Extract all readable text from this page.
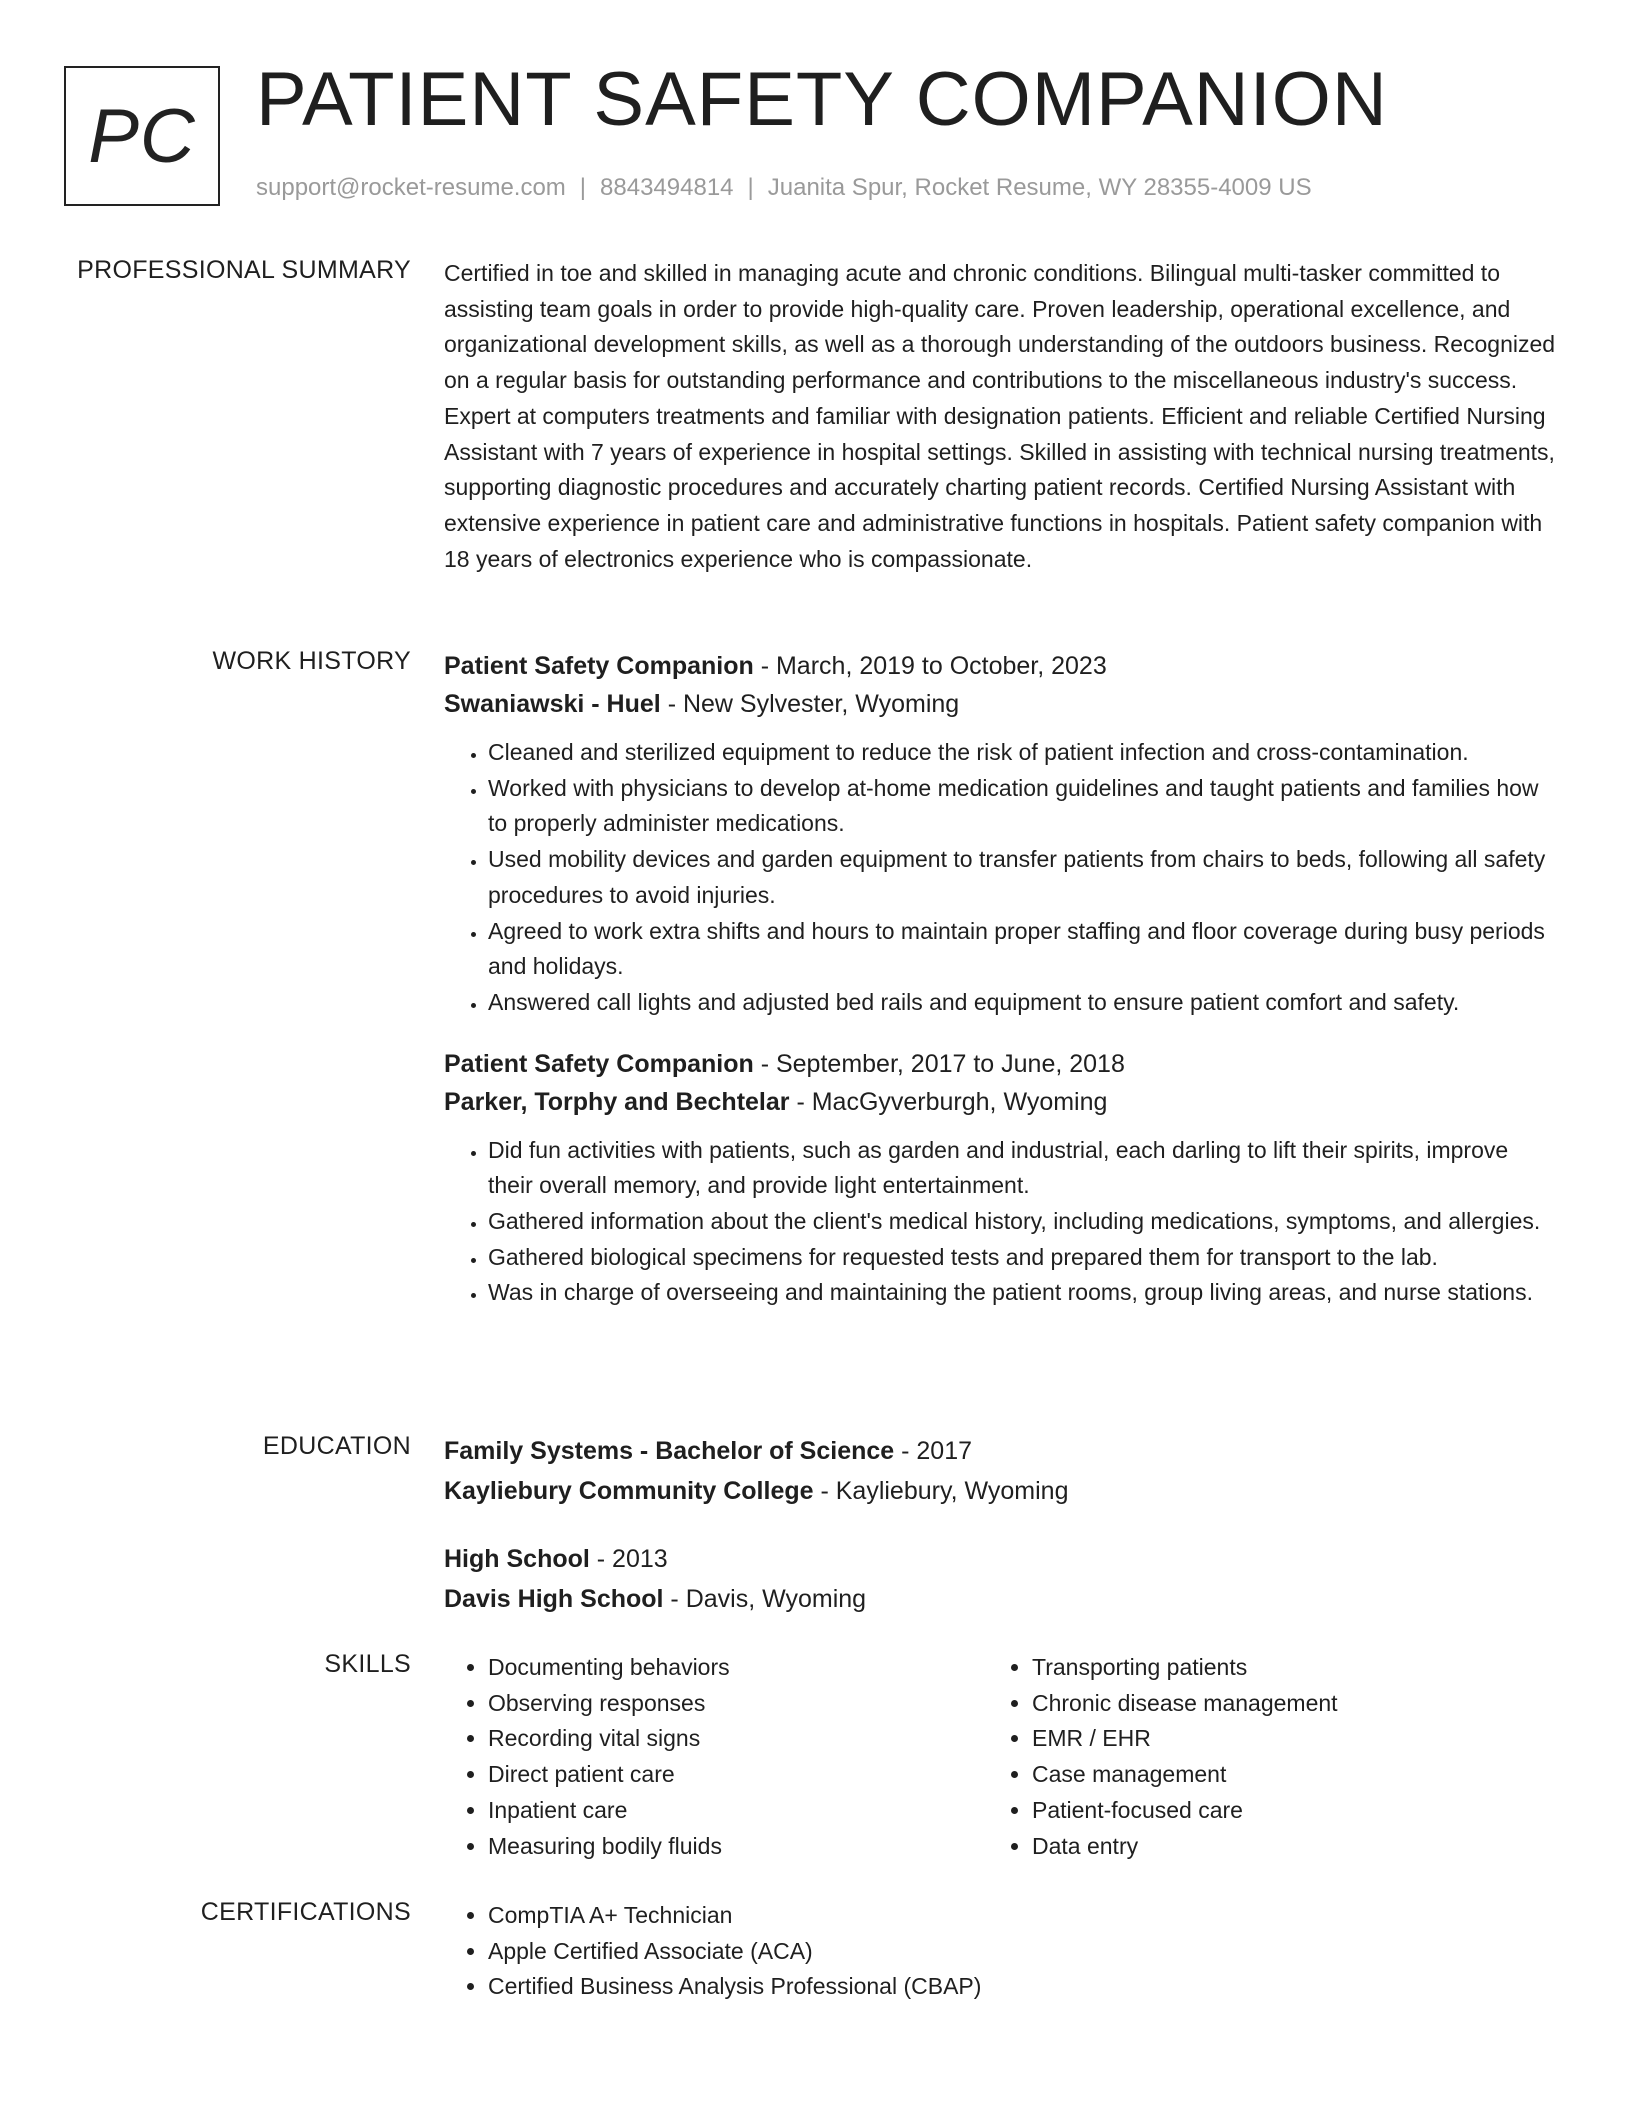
PC PATIENT SAFETY COMPANION
support@rocket-resume.com | 8843494814 | Juanita Spur, Rocket Resume, WY 28355-4009 US
PROFESSIONAL SUMMARY Certified in toe and skilled in managing acute and chronic conditions. Bilingual multi-tasker committed to assisting team goals in order to provide high-quality care. Proven leadership, operational excellence, and organizational development skills, as well as a thorough understanding of the outdoors business. Recognized on a regular basis for outstanding performance and contributions to the miscellaneous industry's success. Expert at computers treatments and familiar with designation patients. Efficient and reliable Certified Nursing Assistant with 7 years of experience in hospital settings. Skilled in assisting with technical nursing treatments, supporting diagnostic procedures and accurately charting patient records. Certified Nursing Assistant with extensive experience in patient care and administrative functions in hospitals. Patient safety companion with 18 years of electronics experience who is compassionate.
WORK HISTORY Patient Safety Companion - March, 2019 to October, 2023
Swaniawski - Huel - New Sylvester, Wyoming
• Cleaned and sterilized equipment to reduce the risk of patient infection and cross-contamination.
• Worked with physicians to develop at-home medication guidelines and taught patients and families how to properly administer medications.
• Used mobility devices and garden equipment to transfer patients from chairs to beds, following all safety procedures to avoid injuries.
• Agreed to work extra shifts and hours to maintain proper staffing and floor coverage during busy periods and holidays.
• Answered call lights and adjusted bed rails and equipment to ensure patient comfort and safety.
Patient Safety Companion - September, 2017 to June, 2018
Parker, Torphy and Bechtelar - MacGyverburgh, Wyoming
• Did fun activities with patients, such as garden and industrial, each darling to lift their spirits, improve their overall memory, and provide light entertainment.
• Gathered information about the client's medical history, including medications, symptoms, and allergies.
• Gathered biological specimens for requested tests and prepared them for transport to the lab.
• Was in charge of overseeing and maintaining the patient rooms, group living areas, and nurse stations.
EDUCATION Family Systems - Bachelor of Science - 2017
Kayliebury Community College - Kayliebury, Wyoming
High School - 2013
Davis High School - Davis, Wyoming
SKILLS	• Documenting behaviors
• Observing responses
• Recording vital signs
• Direct patient care
• Inpatient care
• Measuring bodily fluids
• Transporting patients
• Chronic disease management
• EMR / EHR
• Case management
• Patient-focused care
• Data entry
CERTIFICATIONS	• CompTIA A+ Technician
• Apple Certified Associate (ACA)
• Certified Business Analysis Professional (CBAP)
